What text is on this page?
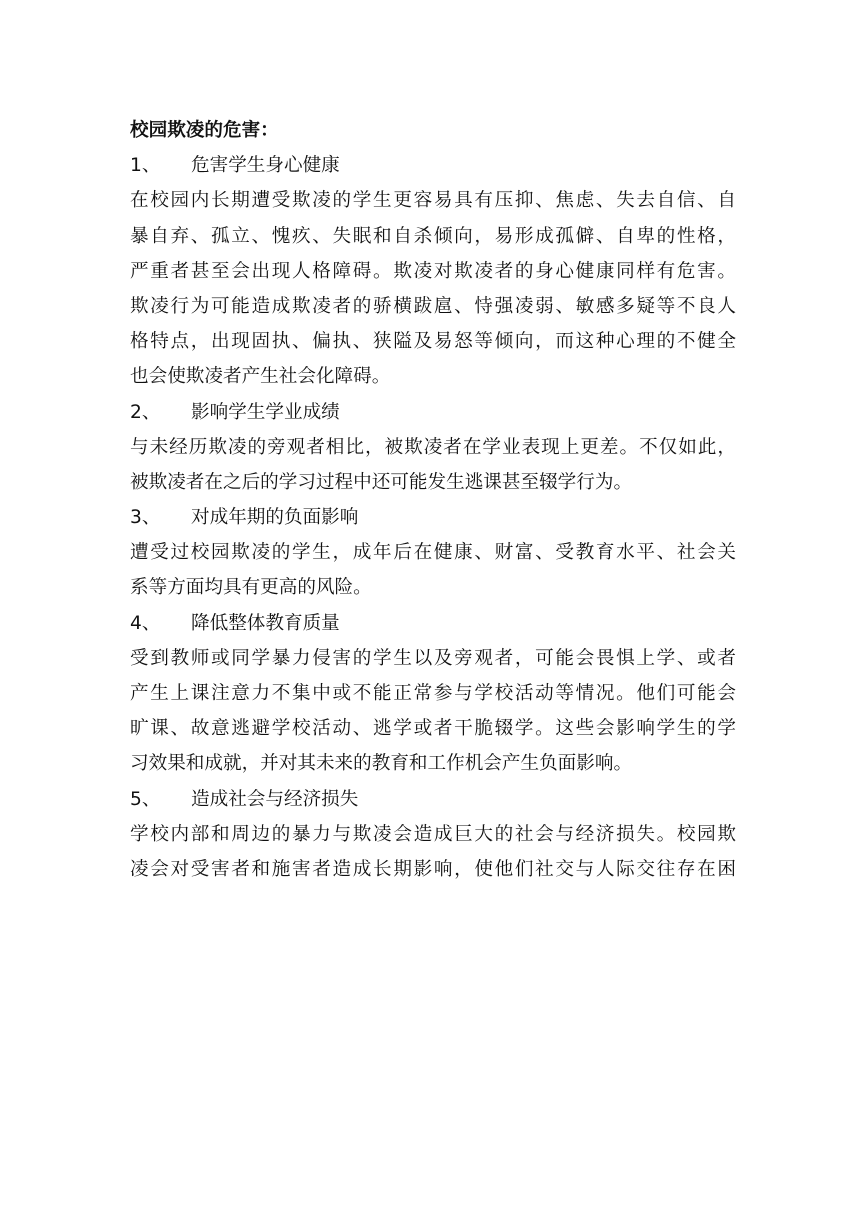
校园欺凌的危害：
1、 危害学生身心健康
在校园内长期遭受欺凌的学生更容易具有压抑、焦虑、失去自信、自
暴自弃、孤立、愧疚、失眠和自杀倾向，易形成孤僻、自卑的性格，
严重者甚至会出现人格障碍。欺凌对欺凌者的身心健康同样有危害。
欺凌行为可能造成欺凌者的骄横跋扈、恃强凌弱、敏感多疑等不良人
格特点，出现固执、偏执、狭隘及易怒等倾向，而这种心理的不健全
也会使欺凌者产生社会化障碍。
2、 影响学生学业成绩
与未经历欺凌的旁观者相比，被欺凌者在学业表现上更差。不仅如此，
被欺凌者在之后的学习过程中还可能发生逃课甚至辍学行为。
3、 对成年期的负面影响
遭受过校园欺凌的学生，成年后在健康、财富、受教育水平、社会关
系等方面均具有更高的风险。
4、 降低整体教育质量
受到教师或同学暴力侵害的学生以及旁观者，可能会畏惧上学、或者
产生上课注意力不集中或不能正常参与学校活动等情况。他们可能会
旷课、故意逃避学校活动、逃学或者干脆辍学。这些会影响学生的学
习效果和成就，并对其未来的教育和工作机会产生负面影响。
5、 造成社会与经济损失
学校内部和周边的暴力与欺凌会造成巨大的社会与经济损失。校园欺
凌会对受害者和施害者造成长期影响，使他们社交与人际交往存在困
